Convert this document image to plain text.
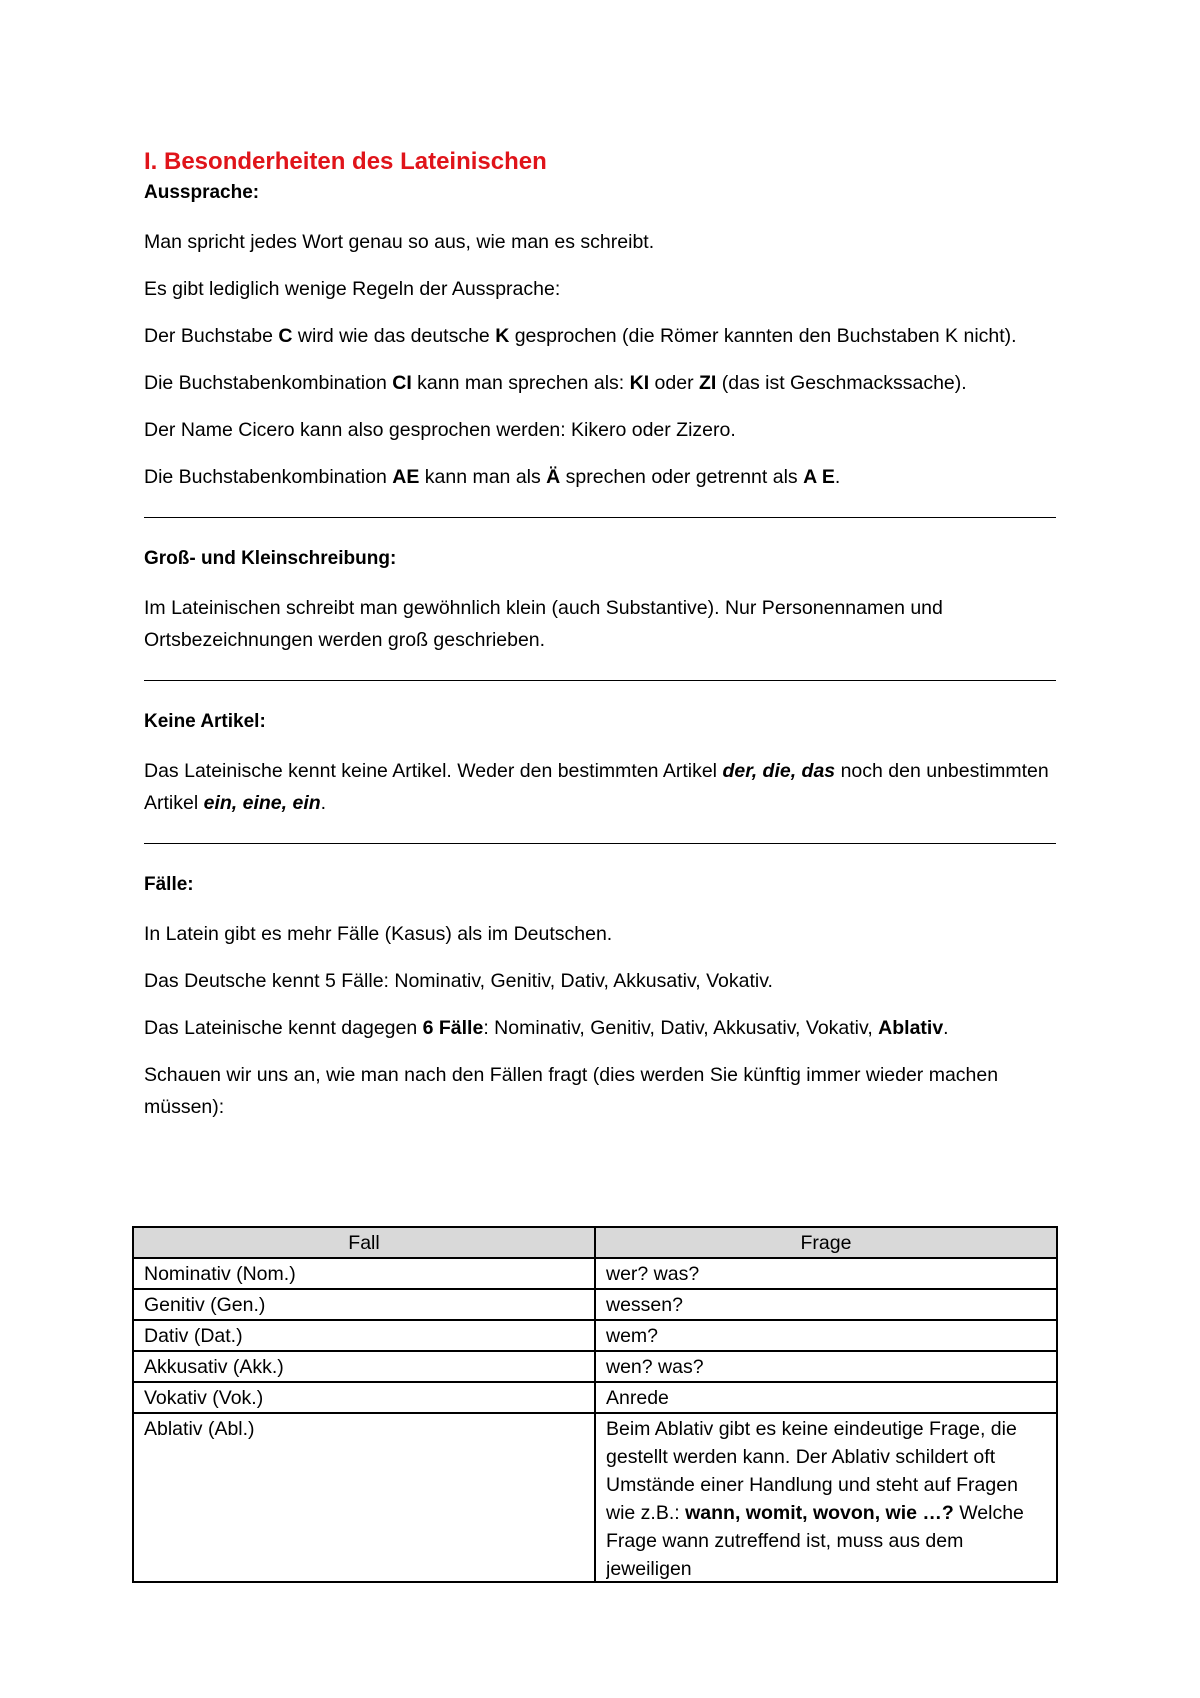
I. Besonderheiten des Lateinischen
Aussprache:

Man spricht jedes Wort genau so aus, wie man es schreibt.

Es gibt lediglich wenige Regeln der Aussprache:

Der Buchstabe C wird wie das deutsche K gesprochen (die Römer kannten den Buchstaben K nicht).

Die Buchstabenkombination CI kann man sprechen als: KI oder ZI (das ist Geschmackssache).

Der Name Cicero kann also gesprochen werden: Kikero oder Zizero.

Die Buchstabenkombination AE kann man als Ä sprechen oder getrennt als A E.

Groß- und Kleinschreibung:

Im Lateinischen schreibt man gewöhnlich klein (auch Substantive). Nur Personennamen und Ortsbezeichnungen werden groß geschrieben.

Keine Artikel:

Das Lateinische kennt keine Artikel. Weder den bestimmten Artikel der, die, das noch den unbestimmten Artikel ein, eine, ein.

Fälle:

In Latein gibt es mehr Fälle (Kasus) als im Deutschen.

Das Deutsche kennt 5 Fälle: Nominativ, Genitiv, Dativ, Akkusativ, Vokativ.

Das Lateinische kennt dagegen 6 Fälle: Nominativ, Genitiv, Dativ, Akkusativ, Vokativ, Ablativ.

Schauen wir uns an, wie man nach den Fällen fragt (dies werden Sie künftig immer wieder machen müssen):

Fall	Frage
Nominativ (Nom.)	wer? was?
Genitiv (Gen.)	wessen?
Dativ (Dat.)	wem?
Akkusativ (Akk.)	wen? was?
Vokativ (Vok.)	Anrede
Ablativ (Abl.)	Beim Ablativ gibt es keine eindeutige Frage, die gestellt werden kann. Der Ablativ schildert oft Umstände einer Handlung und steht auf Fragen wie z.B.: wann, womit, wovon, wie …? Welche Frage wann zutreffend ist, muss aus dem jeweiligen
